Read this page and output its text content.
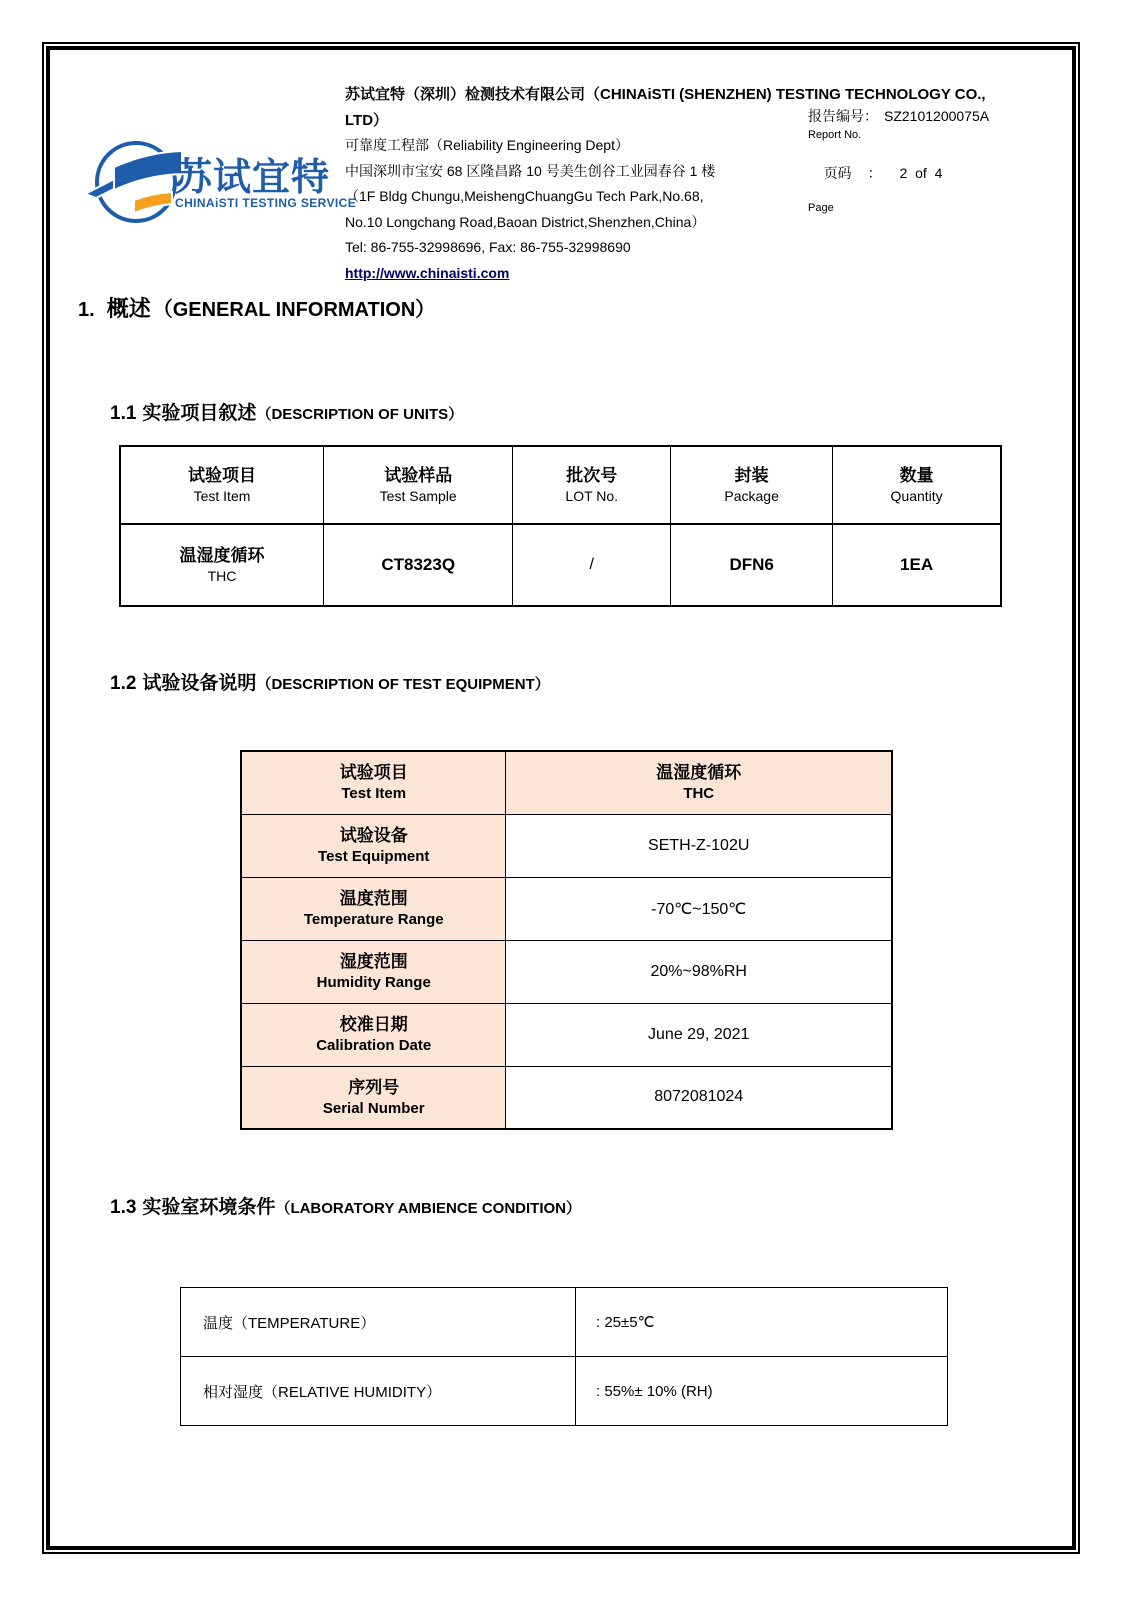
苏试宜特
CHINAiSTI TESTING SERVICE
苏试宜特（深圳）检测技术有限公司（CHINAiSTI (SHENZHEN) TESTING TECHNOLOGY CO.,
LTD）
可靠度工程部（Reliability Engineering Dept）
中国深圳市宝安 68 区隆昌路 10 号美生创谷工业园春谷 1 楼
（1F Bldg Chungu,MeishengChuangGu Tech Park,No.68,
No.10 Longchang Road,Baoan District,Shenzhen,China）
Tel: 86-755-32998696, Fax: 86-755-32998690
http://www.chinaisti.com
报告编号： SZ2101200075A
Report No.

页码 ： 2  of  4

Page
1. 概述 （GENERAL INFORMATION）
1.1 实验项目叙述（DESCRIPTION OF UNITS）
试验项目
Test Item	试验样品
Test Sample	批次号
LOT No.	封装
Package	数量
Quantity

温湿度循环
THC	CT8323Q	/	DFN6	1EA
1.2 试验设备说明（DESCRIPTION OF TEST EQUIPMENT）
试验项目
Test Item	温湿度循环
THC

试验设备
Test Equipment	SETH-Z-102U

温度范围
Temperature Range	-70℃~150℃

湿度范围
Humidity Range	20%~98%RH

校准日期
Calibration Date	June 29, 2021

序列号
Serial Number	8072081024
1.3 实验室环境条件（LABORATORY AMBIENCE CONDITION）
温度（TEMPERATURE）	: 25±5℃
相对湿度（RELATIVE HUMIDITY）	: 55%± 10% (RH)
